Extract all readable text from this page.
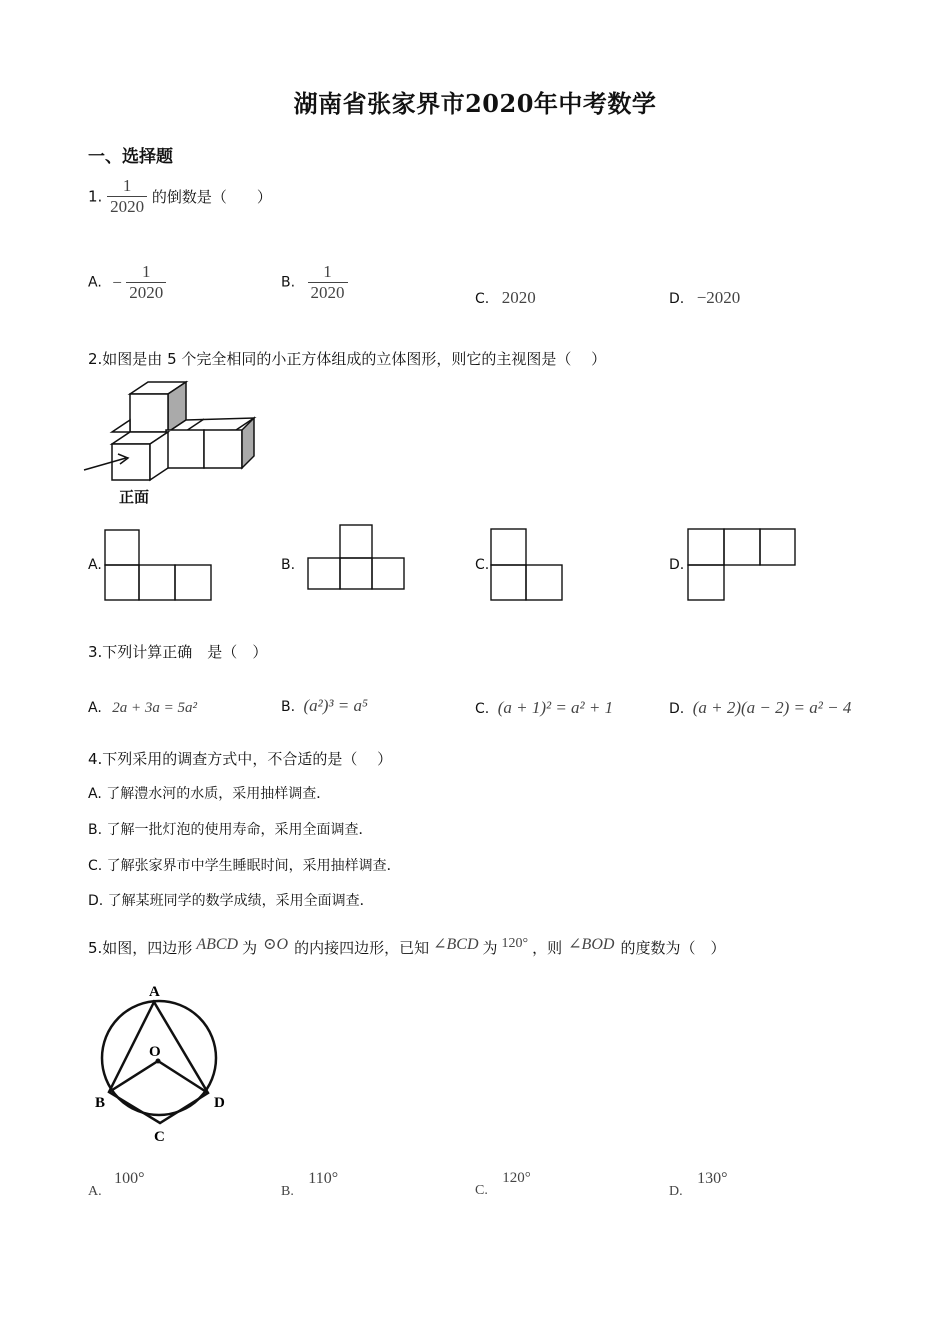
湖南省张家界市2020年中考数学
一、选择题
1. $\frac{1}{2020}$ 的倒数是（　　）
A. − $\frac{1}{2020}$	B. $\frac{1}{2020}$	C. 2020	D. −2020
2.如图是由 5 个完全相同的小正方体组成的立体图形，则它的主视图是（　 ）
正面
A.	B.	C.	D.
3.下列计算正确　是（　）
A. 2a + 3a = 5a²	B. (a²)³ = a⁵	C. (a + 1)² = a² + 1	D. (a + 2)(a − 2) = a² − 4
4.下列采用的调查方式中，不合适的是（　 ）
A. 了解澧水河的水质，采用抽样调查．
B. 了解一批灯泡的使用寿命，采用全面调查．
C. 了解张家界市中学生睡眠时间，采用抽样调查．
D. 了解某班同学的数学成绩，采用全面调查．
5.如图，四边形 ABCD 为 ⊙O 的内接四边形，已知 ∠BCD 为 120° ，则 ∠BOD 的度数为（　）
A
O
B	D
C
A. 100°
B. 110°
C. 120°
D. 130°
